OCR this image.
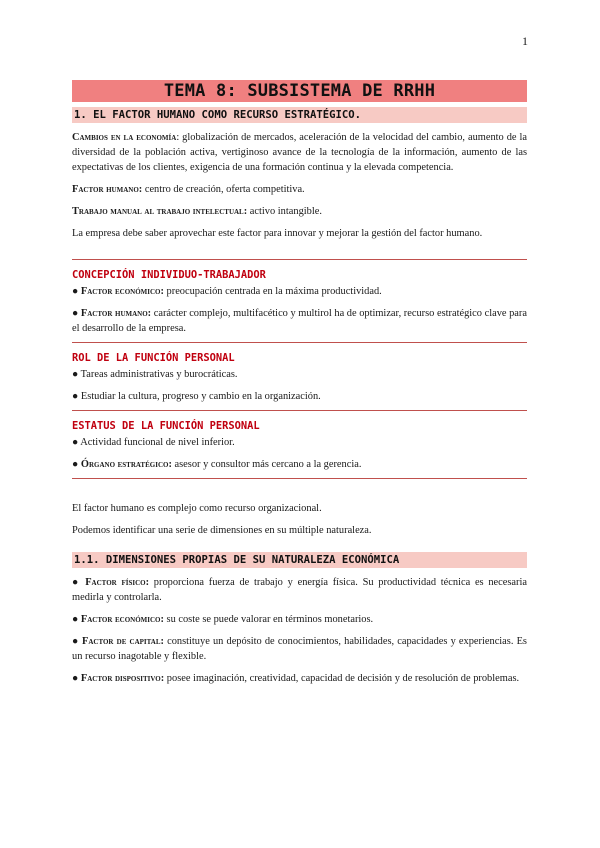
1
TEMA 8: SUBSISTEMA DE RRHH
1. EL FACTOR HUMANO COMO RECURSO ESTRATÉGICO.

Cambios en la economía: globalización de mercados, aceleración de la velocidad del cambio, aumento de la diversidad de la población activa, vertiginoso avance de la tecnología de la información, aumento de las expectativas de los clientes, exigencia de una formación continua y la elevada competencia.

Factor humano: centro de creación, oferta competitiva.

Trabajo manual al trabajo intelectual: activo intangible.

La empresa debe saber aprovechar este factor para innovar y mejorar la gestión del factor humano.

CONCEPCIÓN INDIVIDUO-TRABAJADOR

● Factor económico: preocupación centrada en la máxima productividad.

● Factor humano: carácter complejo, multifacético y multirol ha de optimizar, recurso estratégico clave para el desarrollo de la empresa.

ROL DE LA FUNCIÓN PERSONAL

● Tareas administrativas y burocráticas.

● Estudiar la cultura, progreso y cambio en la organización.

ESTATUS DE LA FUNCIÓN PERSONAL

● Actividad funcional de nivel inferior.

● Órgano estratégico: asesor y consultor más cercano a la gerencia.

El factor humano es complejo como recurso organizacional.

Podemos identificar una serie de dimensiones en su múltiple naturaleza.

1.1. DIMENSIONES PROPIAS DE SU NATURALEZA ECONÓMICA

● Factor físico: proporciona fuerza de trabajo y energía física. Su productividad técnica es necesaria medirla y controlarla.

● Factor económico: su coste se puede valorar en términos monetarios.

● Factor de capital: constituye un depósito de conocimientos, habilidades, capacidades y experiencias. Es un recurso inagotable y flexible.

● Factor dispositivo: posee imaginación, creatividad, capacidad de decisión y de resolución de problemas.
